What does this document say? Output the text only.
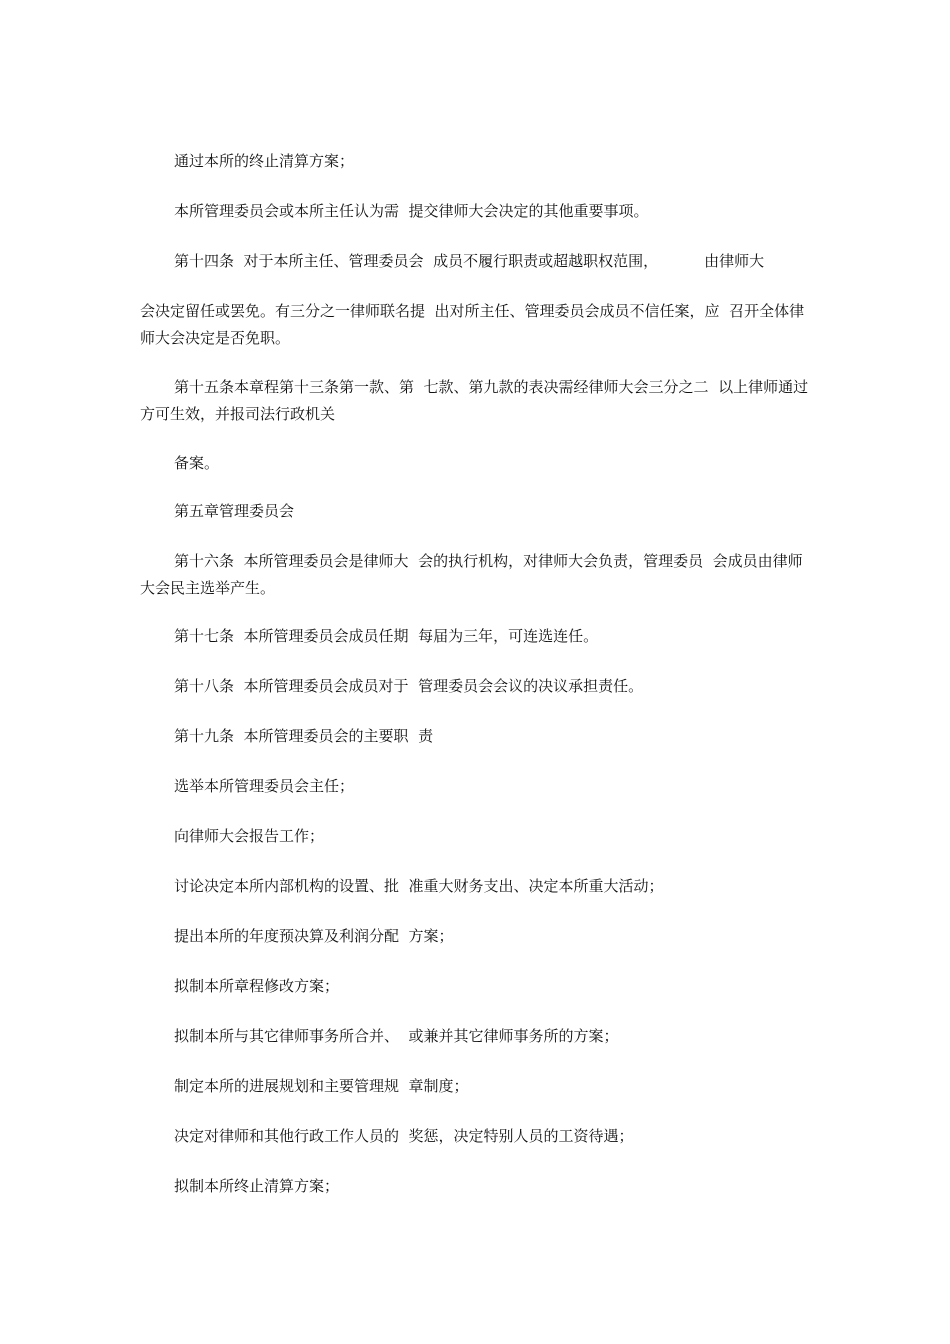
通过本所的终止清算方案；

本所管理委员会或本所主任认为需  提交律师大会决定的其他重要事项。

第十四条  对于本所主任、管理委员会  成员不履行职责或超越职权范围，	由律师大

会决定留任或罢免。有三分之一律师联名提  出对所主任、管理委员会成员不信任案，应  召开全体律师大会决定是否免职。

第十五条本章程第十三条第一款、第  七款、第九款的表决需经律师大会三分之二  以上律师通过方可生效，并报司法行政机关

备案。

第五章管理委员会

第十六条  本所管理委员会是律师大  会的执行机构，对律师大会负责，管理委员  会成员由律师大会民主选举产生。

第十七条  本所管理委员会成员任期  每届为三年，可连选连任。

第十八条  本所管理委员会成员对于  管理委员会会议的决议承担责任。

第十九条  本所管理委员会的主要职  责

选举本所管理委员会主任；

向律师大会报告工作；

讨论决定本所内部机构的设置、批  准重大财务支出、决定本所重大活动；

提出本所的年度预决算及利润分配  方案；

拟制本所章程修改方案；

拟制本所与其它律师事务所合并、  或兼并其它律师事务所的方案；

制定本所的进展规划和主要管理规  章制度；

决定对律师和其他行政工作人员的  奖惩，决定特别人员的工资待遇；

拟制本所终止清算方案；
